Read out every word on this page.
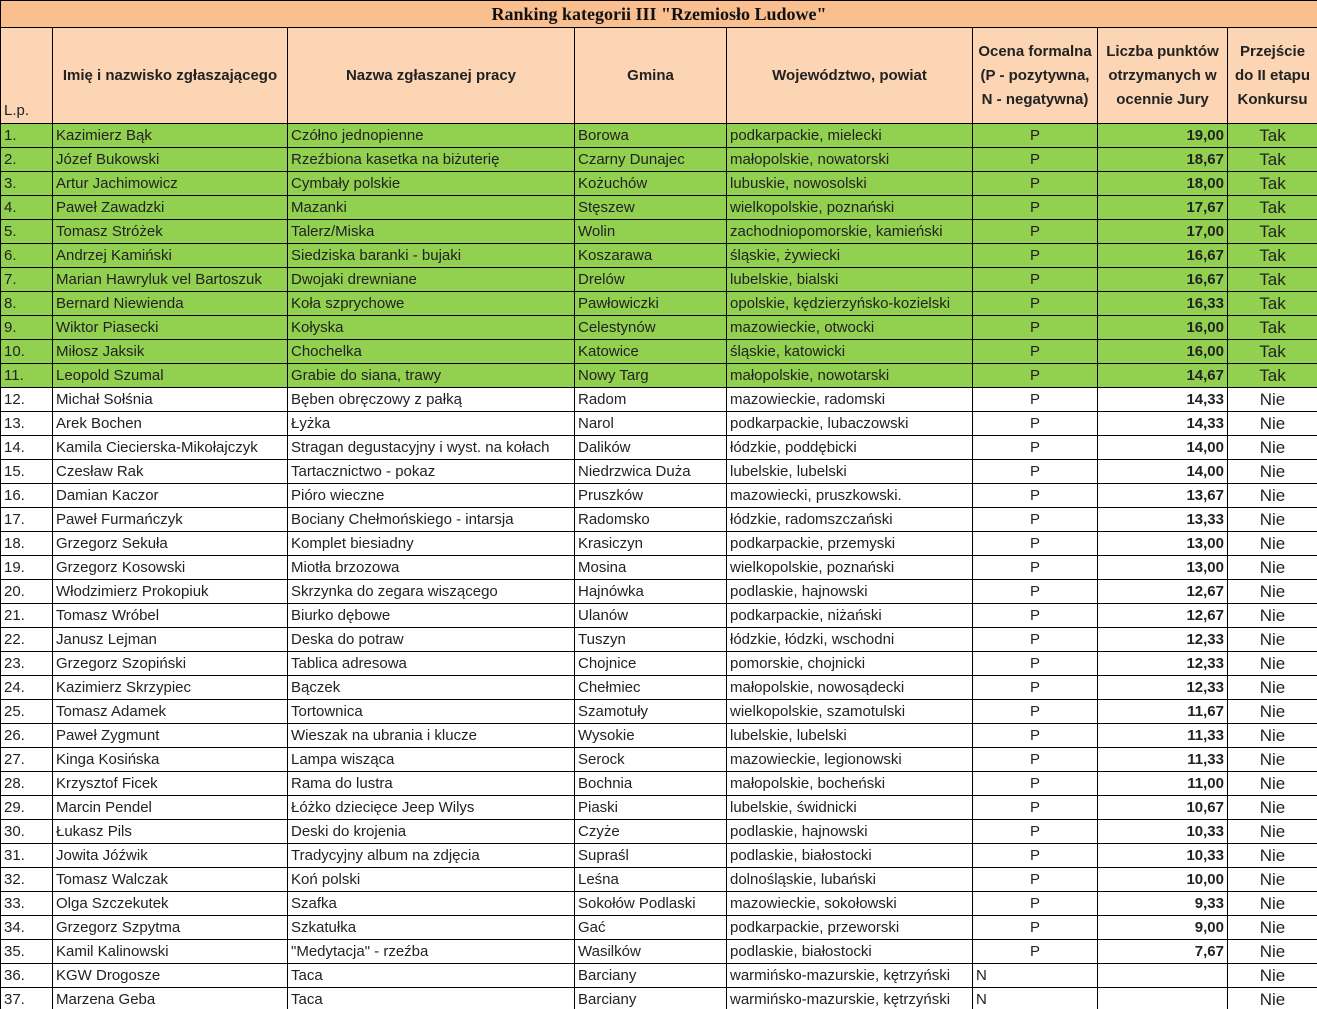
Ranking kategorii III "Rzemiosło Ludowe"							
L.p.	Imię i nazwisko zgłaszającego	Nazwa zgłaszanej pracy	Gmina	Województwo, powiat	Ocena formalna (P - pozytywna, N - negatywna)	Liczba punktów otrzymanych w ocennie Jury	Przejście do II etapu Konkursu
1.	Kazimierz Bąk	Czółno jednopienne	Borowa	podkarpackie, mielecki	P	19,00	Tak
2.	Józef Bukowski	Rzeźbiona kasetka na biżuterię	Czarny Dunajec	małopolskie, nowatorski	P	18,67	Tak
3.	Artur Jachimowicz	Cymbały polskie	Kożuchów	lubuskie, nowosolski	P	18,00	Tak
4.	Paweł Zawadzki	Mazanki	Stęszew	wielkopolskie, poznański	P	17,67	Tak
5.	Tomasz Stróżek	Talerz/Miska	Wolin	zachodniopomorskie, kamieński	P	17,00	Tak
6.	Andrzej Kamiński	Siedziska baranki - bujaki	Koszarawa	śląskie, żywiecki	P	16,67	Tak
7.	Marian Hawryluk vel Bartoszuk	Dwojaki drewniane	Drelów	lubelskie, bialski	P	16,67	Tak
8.	Bernard Niewienda	Koła szprychowe	Pawłowiczki	opolskie, kędzierzyńsko-kozielski	P	16,33	Tak
9.	Wiktor Piasecki	Kołyska	Celestynów	mazowieckie, otwocki	P	16,00	Tak
10.	Miłosz Jaksik	Chochelka	Katowice	śląskie, katowicki	P	16,00	Tak
11.	Leopold Szumal	Grabie do siana, trawy	Nowy Targ	małopolskie, nowotarski	P	14,67	Tak
12.	Michał Sołśnia	Bęben obręczowy z pałką	Radom	mazowieckie, radomski	P	14,33	Nie
13.	Arek Bochen	Łyżka	Narol	podkarpackie, lubaczowski	P	14,33	Nie
14.	Kamila Ciecierska-Mikołajczyk	Stragan degustacyjny i wyst. na kołach	Dalików	łódzkie, poddębicki	P	14,00	Nie
15.	Czesław Rak	Tartacznictwo - pokaz	Niedrzwica Duża	lubelskie, lubelski	P	14,00	Nie
16.	Damian Kaczor	Pióro wieczne	Pruszków	mazowiecki, pruszkowski.	P	13,67	Nie
17.	Paweł Furmańczyk	Bociany Chełmońskiego - intarsja	Radomsko	łódzkie, radomszczański	P	13,33	Nie
18.	Grzegorz Sekuła	Komplet biesiadny	Krasiczyn	podkarpackie, przemyski	P	13,00	Nie
19.	Grzegorz Kosowski	Miotła brzozowa	Mosina	wielkopolskie, poznański	P	13,00	Nie
20.	Włodzimierz Prokopiuk	Skrzynka do zegara wiszącego	Hajnówka	podlaskie, hajnowski	P	12,67	Nie
21.	Tomasz Wróbel	Biurko dębowe	Ulanów	podkarpackie, niżański	P	12,67	Nie
22.	Janusz Lejman	Deska do potraw	Tuszyn	łódzkie, łódzki, wschodni	P	12,33	Nie
23.	Grzegorz Szopiński	Tablica adresowa	Chojnice	pomorskie, chojnicki	P	12,33	Nie
24.	Kazimierz Skrzypiec	Bączek	Chełmiec	małopolskie, nowosądecki	P	12,33	Nie
25.	Tomasz Adamek	Tortownica	Szamotuły	wielkopolskie, szamotulski	P	11,67	Nie
26.	Paweł Zygmunt	Wieszak na ubrania i klucze	Wysokie	lubelskie, lubelski	P	11,33	Nie
27.	Kinga Kosińska	Lampa wisząca	Serock	mazowieckie, legionowski	P	11,33	Nie
28.	Krzysztof Ficek	Rama do lustra	Bochnia	małopolskie, bocheński	P	11,00	Nie
29.	Marcin Pendel	Łóżko dziecięce Jeep Wilys	Piaski	lubelskie, świdnicki	P	10,67	Nie
30.	Łukasz Pils	Deski do krojenia	Czyże	podlaskie, hajnowski	P	10,33	Nie
31.	Jowita Jóźwik	Tradycyjny album na zdjęcia	Supraśl	podlaskie, białostocki	P	10,33	Nie
32.	Tomasz Walczak	Koń polski	Leśna	dolnośląskie, lubański	P	10,00	Nie
33.	Olga Szczekutek	Szafka	Sokołów Podlaski	mazowieckie, sokołowski	P	9,33	Nie
34.	Grzegorz Szpytma	Szkatułka	Gać	podkarpackie, przeworski	P	9,00	Nie
35.	Kamil Kalinowski	"Medytacja" - rzeźba	Wasilków	podlaskie, białostocki	P	7,67	Nie
36.	KGW Drogosze	Taca	Barciany	warmińsko-mazurskie, kętrzyński	N		Nie
37.	Marzena Geba	Taca	Barciany	warmińsko-mazurskie, kętrzyński	N		Nie
